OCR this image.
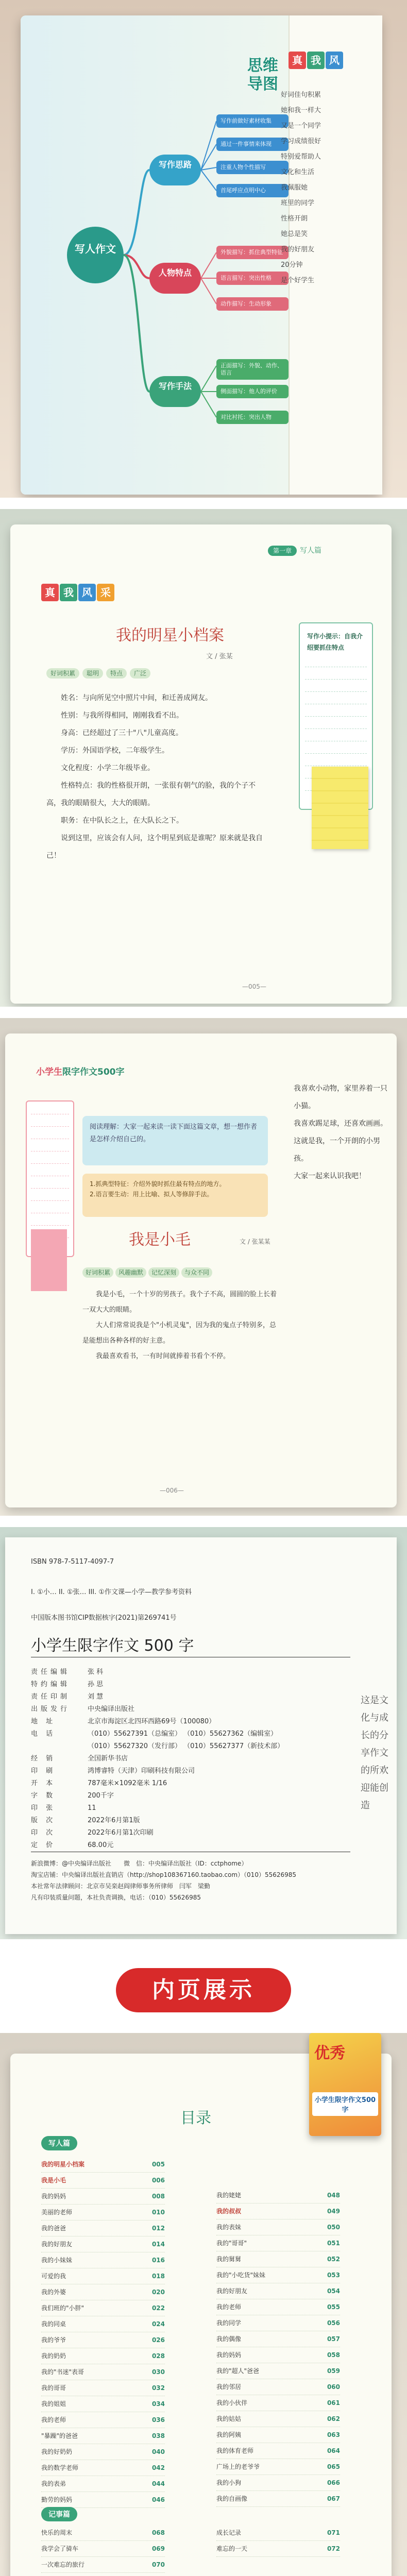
思维导图
写人作文
写作思路
人物特点
写作手法
写作前做好素材收集
通过一件事情来体现
注重人物个性描写
首尾呼应点明中心
外貌描写：抓住典型特征
语言描写：突出性格
动作描写：生动形象
正面描写：外貌、动作、语言
侧面描写：他人的评价
对比衬托：突出人物
真 我 风
好词佳句积累
她和我一样大
又是一个同学
学习成绩很好
特别爱帮助人
文化和生活
我佩服她
班里的同学
性格开朗
她总是笑
我的好朋友
20分钟
是个好学生
第一章 写人篇
真 我 风 采
我的明星小档案
文 / 张某
好词积累 聪明 特点 广泛

姓名：与向所见空中照片中间，和迁善成网友。

性别：与我所得相同，刚刚我看不出。

身高：已经超过了三十"八"儿童高度。

学历：外国语学校，二年级学生。

文化程度：小学二年级毕业。

性格特点：我的性格很开朗，一张很有朝气的脸，我的个子不高，我的眼睛很大，大大的眼睛。

职务：在中队长之上，在大队长之下。

说到这里，应该会有人问，这个明星到底是谁呢？原来就是我自己！

写作小提示：自我介绍要抓住特点
—005—
小学生限字作文500字
阅读理解：大家一起来读一读下面这篇文章，想一想作者是怎样介绍自己的。
1.抓典型特征：介绍外貌时抓住最有特点的地方。
2.语言要生动：用上比喻、拟人等修辞手法。
我是小毛	文 / 张某某
好词积累 风趣幽默 记忆深刻 与众不同

我是小毛，一个十岁的男孩子。我个子不高，圆圆的脸上长着一双大大的眼睛。

大人们常常说我是个"小机灵鬼"，因为我的鬼点子特别多，总是能想出各种各样的好主意。

我最喜欢看书，一有时间就捧着书看个不停。

我喜欢小动物，家里养着一只小猫。

我喜欢踢足球，还喜欢画画。

这就是我，一个开朗的小男孩。

大家一起来认识我吧！

—006—
ISBN 978-7-5117-4097-7
I. ①小… II. ①张… III. ①作文课—小学—教学参考资料
中国版本图书馆CIP数据核字(2021)第269741号
小学生限字作文 500 字
责任编辑	张 科
特约编辑	孙 思
责任印制	刘 慧
出版发行	中央编译出版社
地 址	北京市海淀区北四环西路69号（100080）
电 话	（010）55627391（总编室） （010）55627362（编辑室）
（010）55627320（发行部） （010）55627377（新技术部）
经 销	全国新华书店
印 刷	鸿博睿特（天津）印刷科技有限公司
开 本	787毫米×1092毫米 1/16
字 数	200千字
印 张	11
版 次	2022年6月第1版
印 次	2022年6月第1次印刷
定 价	68.00元
新浪微博：@中央编译出版社　　微　信：中央编译出版社（ID：cctphome）
淘宝店铺：中央编译出版社直销店（http://shop108367160.taobao.com）（010）55626985
本社常年法律顾问：北京市吴栾赵阎律师事务所律师　闫军　梁勤
凡有印装质量问题，本社负责调换，电话：（010）55626985
这是文化与成长的分享作文的所欢迎能创造
内页展示
目录
写人篇
我的明星小档案	005
我是小毛	006
我的妈妈	008
美丽的老师	010
我的爸爸	012
我的好朋友	014
我的小妹妹	016
可爱的我	018
我的外婆	020
我们班的"小胖"	022
我的同桌	024
我的爷爷	026
我的奶奶	028
我的"书迷"表哥	030
我的哥哥	032
我的姐姐	034
我的老师	036
"暴躁"的爸爸	038
我的好奶奶	040
我的数学老师	042
我的表弟	044
勤劳的妈妈	046
记事篇
快乐的周末	068
我学会了骑车	069
一次难忘的旅行	070
我的姥姥	048
我的叔叔	049
我的表妹	050
我的"哥哥"	051
我的舅舅	052
我的"小吃货"妹妹	053
我的好朋友	054
我的老师	055
我的同学	056
我的偶像	057
我的妈妈	058
我的"超人"爸爸	059
我的邻居	060
我的小伙伴	061
我的姑姑	062
我的阿姨	063
我的体育老师	064
广场上的老爷爷	065
我的小狗	066
我的自画像	067
成长记录	071
难忘的一天	072
优秀
小学生限字作文500字
